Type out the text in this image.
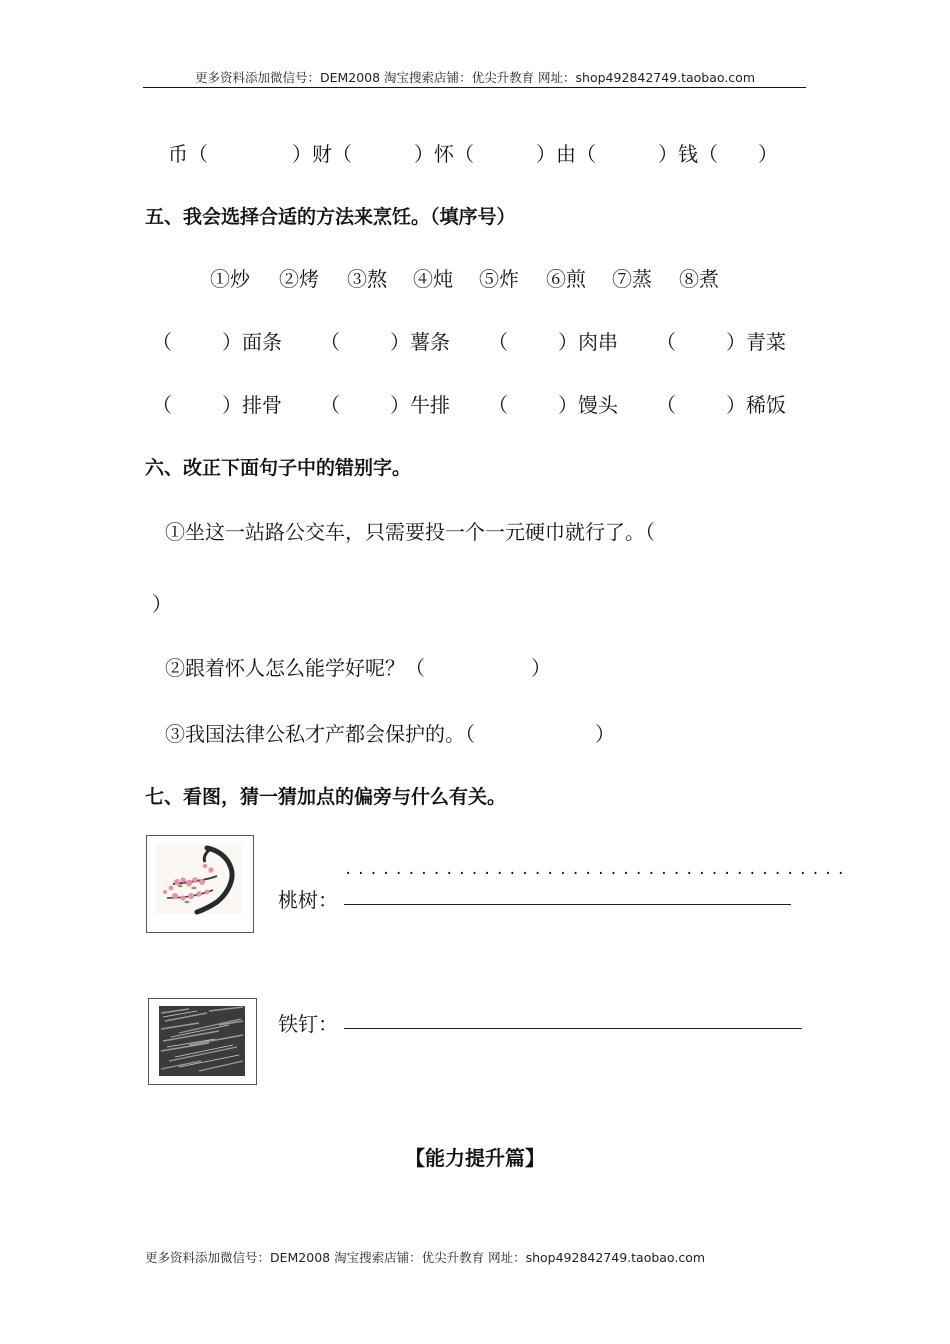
更多资料添加微信号：DEM2008 淘宝搜索店铺：优尖升教育 网址：shop492842749.taobao.com
币（	）财（	）怀（	）由（	）钱（ ）
五、我会选择合适的方法来烹饪。（填序号）
①炒 ②烤 ③熬 ④炖 ⑤炸 ⑥煎 ⑦蒸 ⑧煮
（	）面条 （	）薯条 （	）肉串 （	）青菜
（	）排骨 （	）牛排 （	）馒头 （	）稀饭
六、改正下面句子中的错别字。
①坐这一站路公交车，只需要投一个一元硬巾就行了。（
）
②跟着怀人怎么能学好呢？（	）
③我国法律公私才产都会保护的。（	）
七、看图，猜一猜加点的偏旁与什么有关。
桃树：
........................................
铁钉：
【能力提升篇】
更多资料添加微信号：DEM2008 淘宝搜索店铺：优尖升教育 网址：shop492842749.taobao.com
